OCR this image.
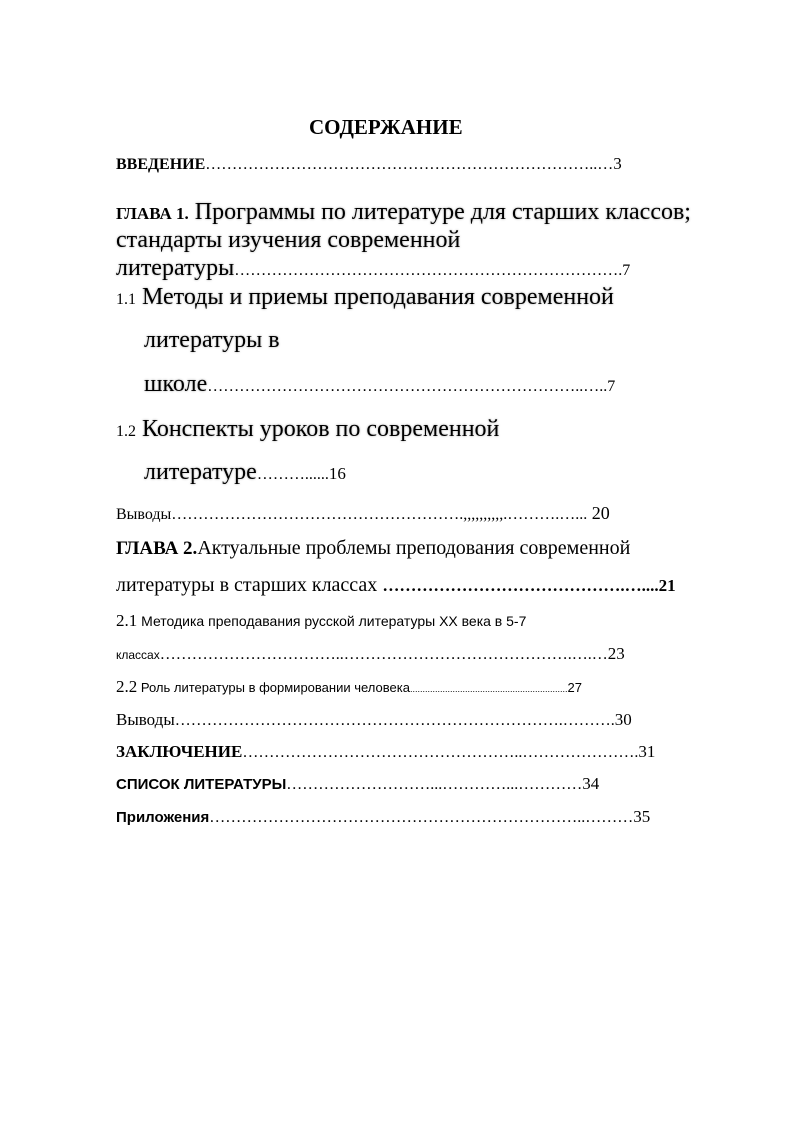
СОДЕРЖАНИЕ
ВВЕДЕНИЕ………………………………………………………………..…3
ГЛАВА 1. Программы по литературе для старших классов;
стандарты изучения современной
литературы……………………………………………………………….7
1.1 Методы и приемы преподавания современной
литературы в
школе……………………………………………………………..…..7
1.2 Конспекты уроков по современной
литературе………......16
Выводы……………………………………………….,,,,,,,,,,.……….…... 20
ГЛАВА 2.Актуальные проблемы преподования современной
литературы в старших классах …………………………………….…....21
2.1 Методика преподавания русской литературы ХХ века в 5-7
классах……………………………..…………………………………….….…23
2.2 Роль литературы в формировании человека...............................................................27
Выводы……………………………………………………………….……….30
ЗАКЛЮЧЕНИЕ……………………………………………..………………….31
СПИСОК ЛИТЕРАТУРЫ………………………...…………...…………34
Приложения……………………………………………………………..………35
